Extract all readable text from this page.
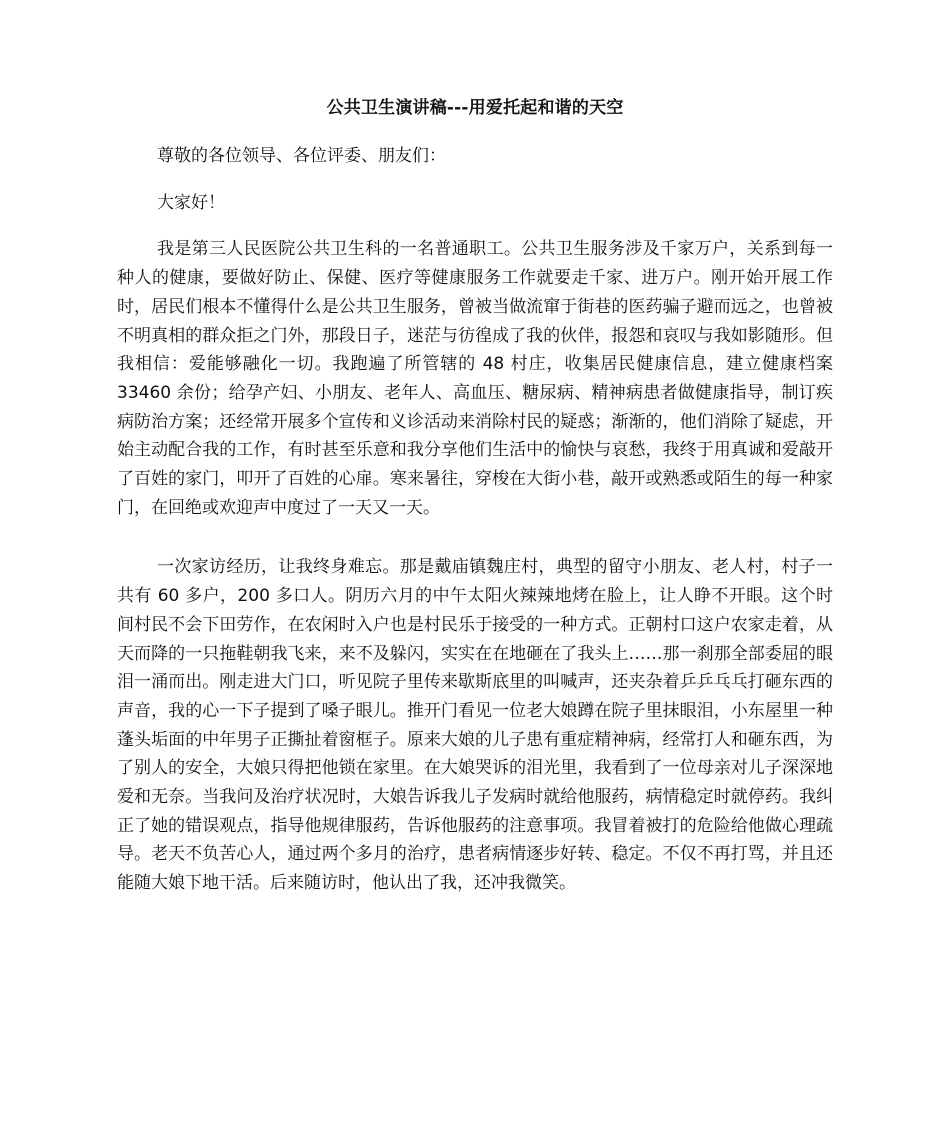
公共卫生演讲稿---用爱托起和谐的天空
尊敬的各位领导、各位评委、朋友们：
大家好！
我是第三人民医院公共卫生科的一名普通职工。公共卫生服务涉及千家万户，关系到每一种人的健康，要做好防止、保健、医疗等健康服务工作就要走千家、进万户。刚开始开展工作时，居民们根本不懂得什么是公共卫生服务，曾被当做流窜于街巷的医药骗子避而远之，也曾被不明真相的群众拒之门外，那段日子，迷茫与彷徨成了我的伙伴，报怨和哀叹与我如影随形。但我相信：爱能够融化一切。我跑遍了所管辖的 48 村庄，收集居民健康信息，建立健康档案 33460 余份；给孕产妇、小朋友、老年人、高血压、糖尿病、精神病患者做健康指导，制订疾病防治方案；还经常开展多个宣传和义诊活动来消除村民的疑惑；渐渐的，他们消除了疑虑，开始主动配合我的工作，有时甚至乐意和我分享他们生活中的愉快与哀愁，我终于用真诚和爱敲开了百姓的家门，叩开了百姓的心扉。寒来暑往，穿梭在大街小巷，敲开或熟悉或陌生的每一种家门，在回绝或欢迎声中度过了一天又一天。
一次家访经历，让我终身难忘。那是戴庙镇魏庄村，典型的留守小朋友、老人村，村子一共有 60 多户，200 多口人。阴历六月的中午太阳火辣辣地烤在脸上，让人睁不开眼。这个时间村民不会下田劳作，在农闲时入户也是村民乐于接受的一种方式。正朝村口这户农家走着，从天而降的一只拖鞋朝我飞来，来不及躲闪，实实在在地砸在了我头上……那一刹那全部委屈的眼泪一涌而出。刚走进大门口，听见院子里传来歇斯底里的叫喊声，还夹杂着乒乒乓乓打砸东西的声音，我的心一下子提到了嗓子眼儿。推开门看见一位老大娘蹲在院子里抹眼泪，小东屋里一种蓬头垢面的中年男子正撕扯着窗框子。原来大娘的儿子患有重症精神病，经常打人和砸东西，为了别人的安全，大娘只得把他锁在家里。在大娘哭诉的泪光里，我看到了一位母亲对儿子深深地爱和无奈。当我问及治疗状况时，大娘告诉我儿子发病时就给他服药，病情稳定时就停药。我纠正了她的错误观点，指导他规律服药，告诉他服药的注意事项。我冒着被打的危险给他做心理疏导。老天不负苦心人，通过两个多月的治疗，患者病情逐步好转、稳定。不仅不再打骂，并且还能随大娘下地干活。后来随访时，他认出了我，还冲我微笑。
